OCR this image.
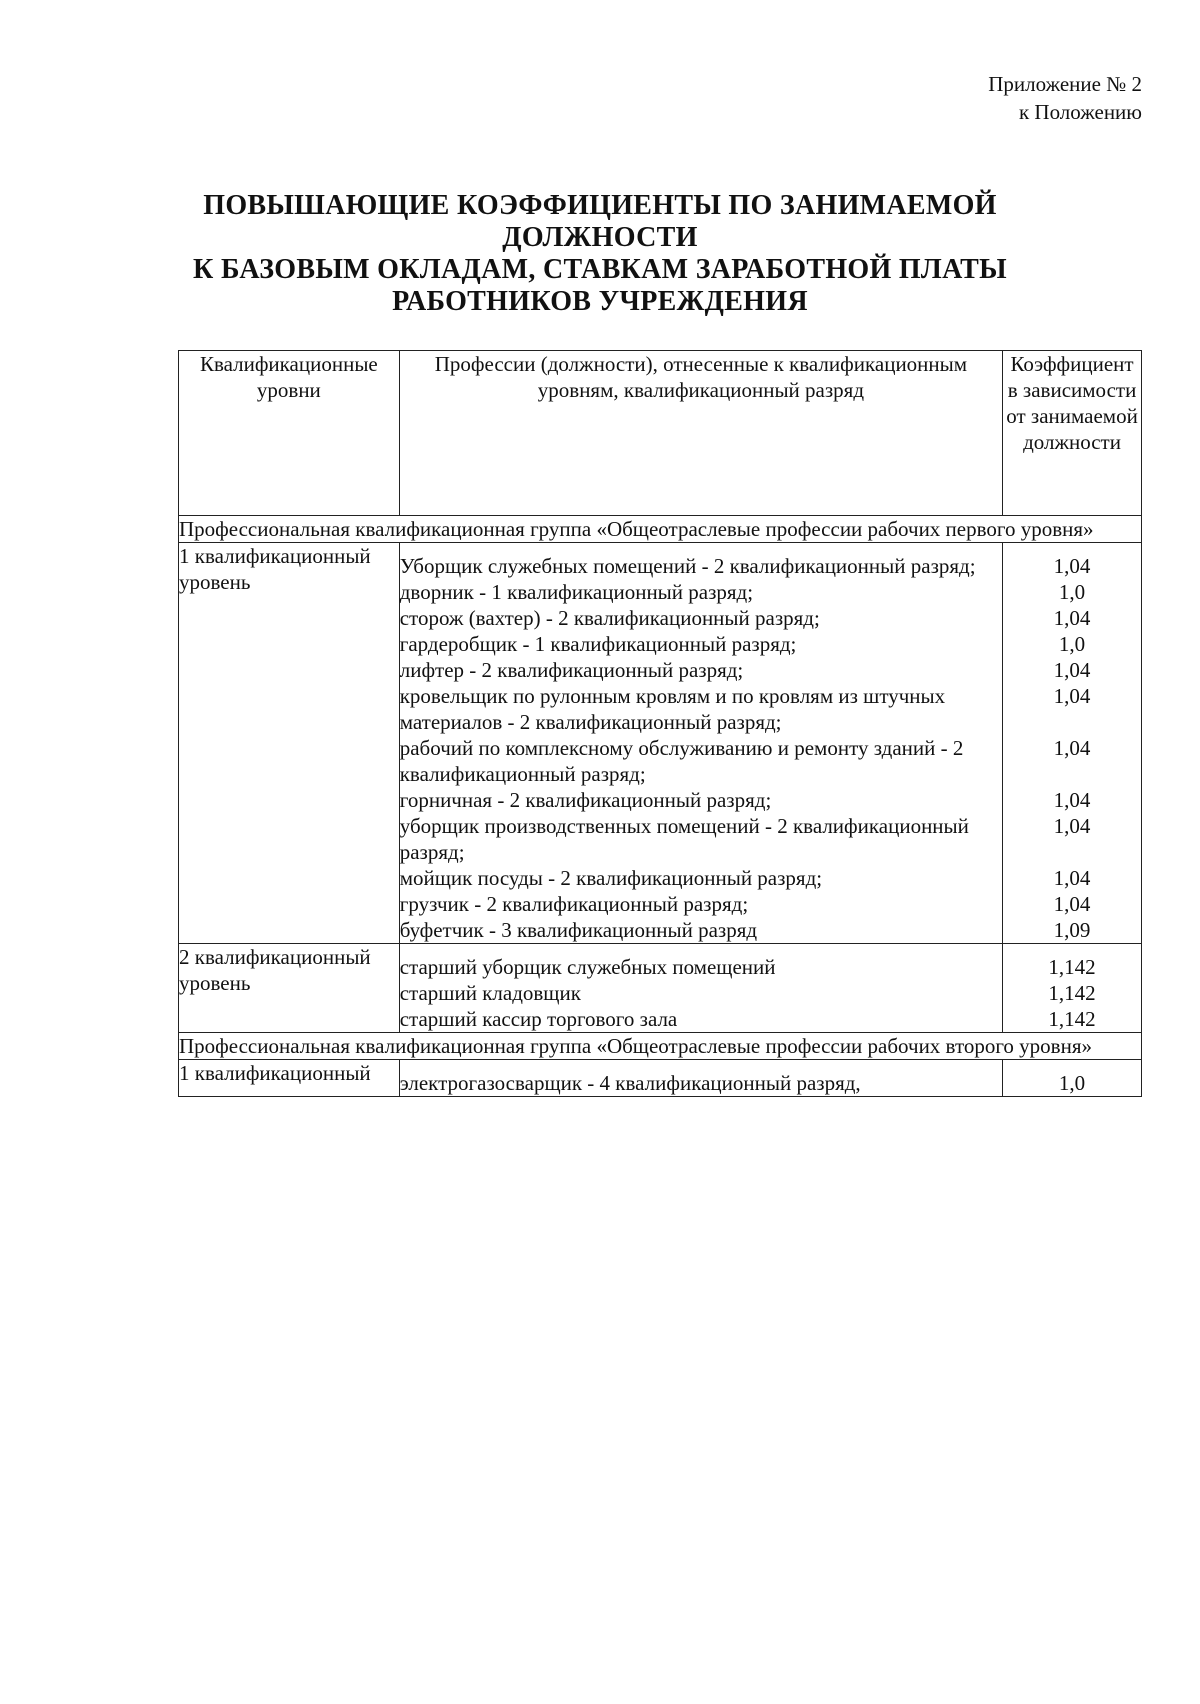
Приложение № 2
к Положению
ПОВЫШАЮЩИЕ КОЭФФИЦИЕНТЫ ПО ЗАНИМАЕМОЙ
ДОЛЖНОСТИ
К БАЗОВЫМ ОКЛАДАМ, СТАВКАМ ЗАРАБОТНОЙ ПЛАТЫ
РАБОТНИКОВ УЧРЕЖДЕНИЯ
Квалификационные уровни	Профессии (должности), отнесенные к квалификационным уровням, квалификационный разряд	Коэффициент в зависимости от занимаемой должности
Профессиональная квалификационная группа «Общеотраслевые профессии рабочих первого уровня»		
1 квалификационный уровень	Уборщик служебных помещений - 2 квалификационный разряд;	1,04
	дворник - 1 квалификационный разряд;	1,0
	сторож (вахтер) - 2 квалификационный разряд;	1,04
	гардеробщик - 1 квалификационный разряд;	1,0
	лифтер - 2 квалификационный разряд;	1,04
	кровельщик по рулонным кровлям и по кровлям из штучных материалов - 2 квалификационный разряд;	1,04
	рабочий по комплексному обслуживанию и ремонту зданий - 2 квалификационный разряд;	1,04
	горничная - 2 квалификационный разряд;	1,04
	уборщик производственных помещений - 2 квалификационный разряд;	1,04
	мойщик посуды - 2 квалификационный разряд;	1,04
	грузчик - 2 квалификационный разряд;	1,04
	буфетчик - 3 квалификационный разряд	1,09
2 квалификационный уровень	старший уборщик служебных помещений	1,142
	старший кладовщик	1,142
	старший кассир торгового зала	1,142
Профессиональная квалификационная группа «Общеотраслевые профессии рабочих второго уровня»		
1 квалификационный	электрогазосварщик - 4 квалификационный разряд,	1,0
